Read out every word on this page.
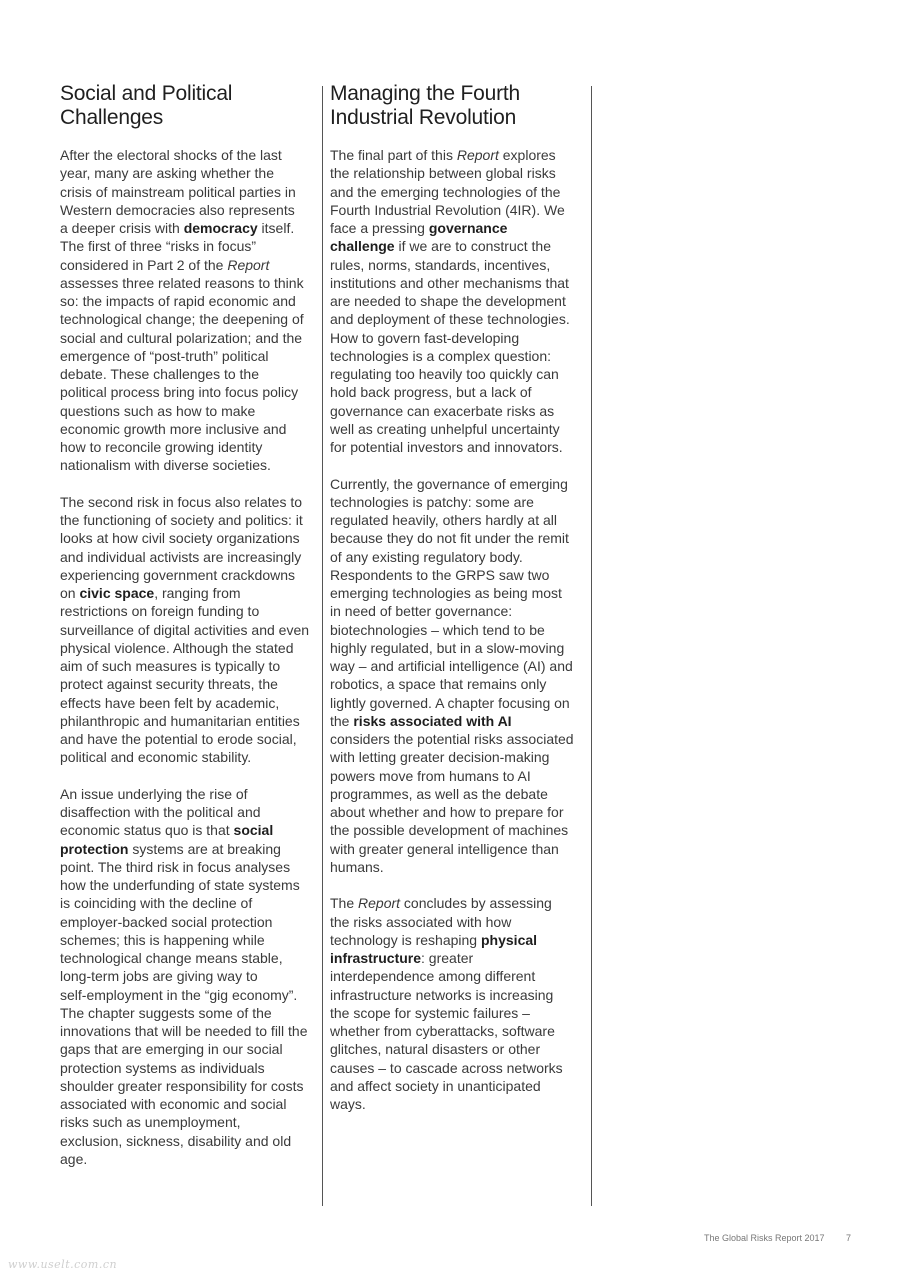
Social and Political
Challenges
After the electoral shocks of the last
year, many are asking whether the
crisis of mainstream political parties in
Western democracies also represents
a deeper crisis with democracy itself.
The first of three “risks in focus”
considered in Part 2 of the Report
assesses three related reasons to think
so: the impacts of rapid economic and
technological change; the deepening of
social and cultural polarization; and the
emergence of “post-truth” political
debate. These challenges to the
political process bring into focus policy
questions such as how to make
economic growth more inclusive and
how to reconcile growing identity
nationalism with diverse societies.
The second risk in focus also relates to
the functioning of society and politics: it
looks at how civil society organizations
and individual activists are increasingly
experiencing government crackdowns
on civic space, ranging from
restrictions on foreign funding to
surveillance of digital activities and even
physical violence. Although the stated
aim of such measures is typically to
protect against security threats, the
effects have been felt by academic,
philanthropic and humanitarian entities
and have the potential to erode social,
political and economic stability.
An issue underlying the rise of
disaffection with the political and
economic status quo is that social
protection systems are at breaking
point. The third risk in focus analyses
how the underfunding of state systems
is coinciding with the decline of
employer-backed social protection
schemes; this is happening while
technological change means stable,
long-term jobs are giving way to
self-employment in the “gig economy”.
The chapter suggests some of the
innovations that will be needed to fill the
gaps that are emerging in our social
protection systems as individuals
shoulder greater responsibility for costs
associated with economic and social
risks such as unemployment,
exclusion, sickness, disability and old
age.
Managing the Fourth
Industrial Revolution
The final part of this Report explores
the relationship between global risks
and the emerging technologies of the
Fourth Industrial Revolution (4IR). We
face a pressing governance
challenge if we are to construct the
rules, norms, standards, incentives,
institutions and other mechanisms that
are needed to shape the development
and deployment of these technologies.
How to govern fast-developing
technologies is a complex question:
regulating too heavily too quickly can
hold back progress, but a lack of
governance can exacerbate risks as
well as creating unhelpful uncertainty
for potential investors and innovators.
Currently, the governance of emerging
technologies is patchy: some are
regulated heavily, others hardly at all
because they do not fit under the remit
of any existing regulatory body.
Respondents to the GRPS saw two
emerging technologies as being most
in need of better governance:
biotechnologies – which tend to be
highly regulated, but in a slow-moving
way – and artificial intelligence (AI) and
robotics, a space that remains only
lightly governed. A chapter focusing on
the risks associated with AI
considers the potential risks associated
with letting greater decision-making
powers move from humans to AI
programmes, as well as the debate
about whether and how to prepare for
the possible development of machines
with greater general intelligence than
humans.
The Report concludes by assessing
the risks associated with how
technology is reshaping physical
infrastructure: greater
interdependence among different
infrastructure networks is increasing
the scope for systemic failures –
whether from cyberattacks, software
glitches, natural disasters or other
causes – to cascade across networks
and affect society in unanticipated
ways.
The Global Risks Report 2017 7
www.uselt.com.cn
